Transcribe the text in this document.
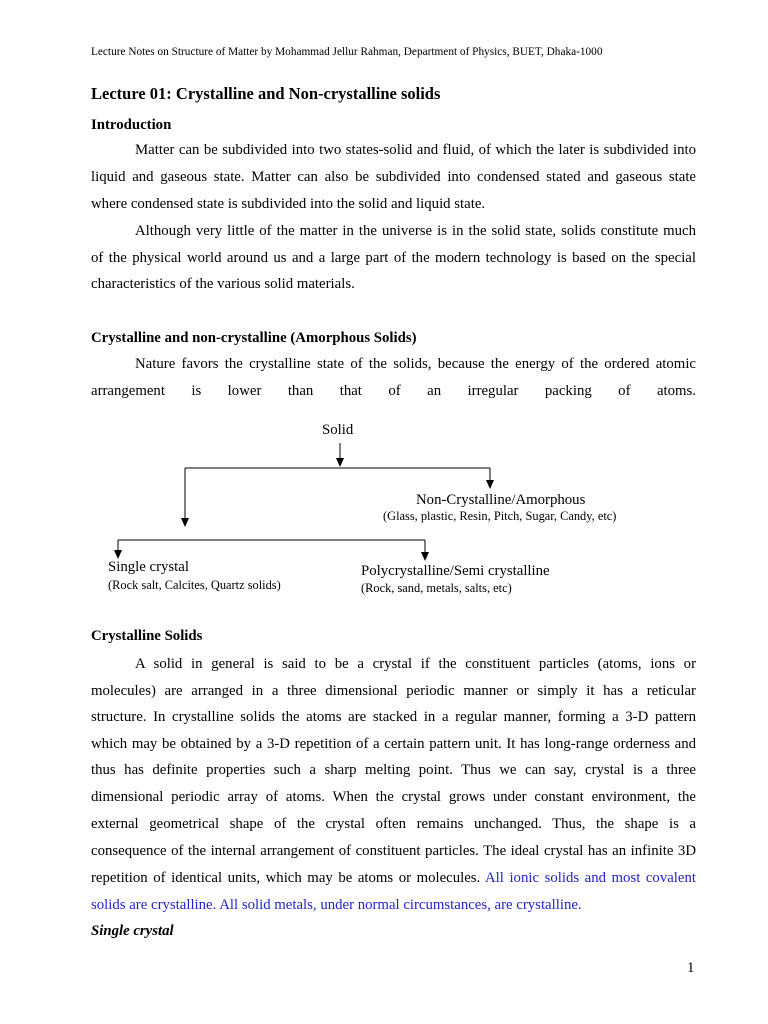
Lecture Notes on Structure of Matter by Mohammad Jellur Rahman, Department of Physics, BUET, Dhaka-1000
Lecture 01: Crystalline and Non-crystalline solids
Introduction
Matter can be subdivided into two states-solid and fluid, of which the later is subdivided into
liquid and gaseous state. Matter can also be subdivided into condensed stated and gaseous state
where condensed state is subdivided into the solid and liquid state.
Although very little of the matter in the universe is in the solid state, solids constitute much
of the physical world around us and a large part of the modern technology is based on the special
characteristics of the various solid materials.
Crystalline and non-crystalline (Amorphous Solids)
Nature favors the crystalline state of the solids, because the energy of the ordered atomic
arrangement is lower than that of an irregular packing of atoms.
Solid
Non-Crystalline/Amorphous
(Glass, plastic, Resin, Pitch, Sugar, Candy, etc)
Single crystal
(Rock salt, Calcites, Quartz solids)
Polycrystalline/Semi crystalline
(Rock, sand, metals, salts, etc)
Crystalline Solids
A solid in general is said to be a crystal if the constituent particles (atoms, ions or
molecules) are arranged in a three dimensional periodic manner or simply it has a reticular
structure. In crystalline solids the atoms are stacked in a regular manner, forming a 3-D pattern
which may be obtained by a 3-D repetition of a certain pattern unit. It has long-range orderness and
thus has definite properties such a sharp melting point. Thus we can say, crystal is a three
dimensional periodic array of atoms. When the crystal grows under constant environment, the
external geometrical shape of the crystal often remains unchanged. Thus, the shape is a
consequence of the internal arrangement of constituent particles. The ideal crystal has an infinite 3D
repetition of identical units, which may be atoms or molecules. All ionic solids and most covalent
solids are crystalline. All solid metals, under normal circumstances, are crystalline.
Single crystal
1
